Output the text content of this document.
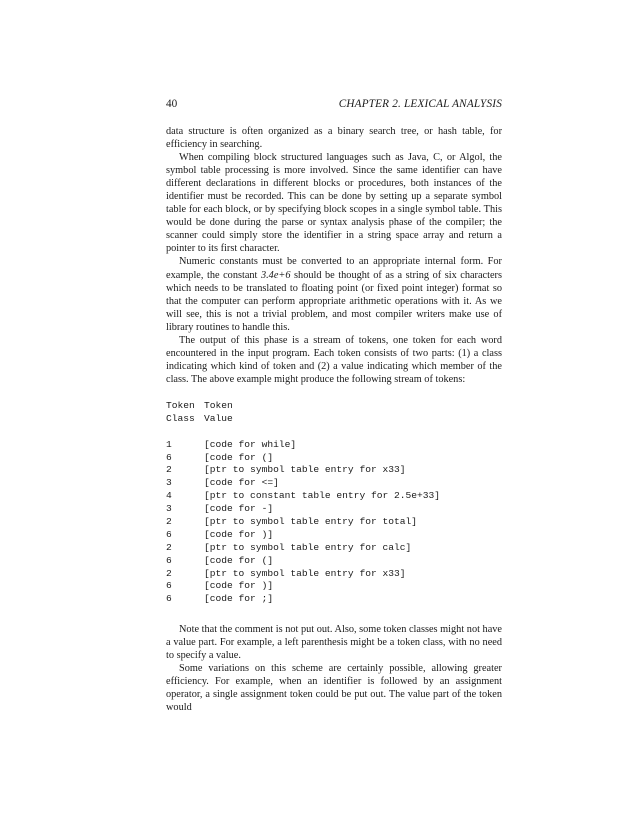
40	CHAPTER 2. LEXICAL ANALYSIS

data structure is often organized as a binary search tree, or hash table, for efficiency in searching.

When compiling block structured languages such as Java, C, or Algol, the symbol table processing is more involved. Since the same identifier can have different declarations in different blocks or procedures, both instances of the identifier must be recorded. This can be done by setting up a separate symbol table for each block, or by specifying block scopes in a single symbol table. This would be done during the parse or syntax analysis phase of the compiler; the scanner could simply store the identifier in a string space array and return a pointer to its first character.

Numeric constants must be converted to an appropriate internal form. For example, the constant 3.4e+6 should be thought of as a string of six characters which needs to be translated to floating point (or fixed point integer) format so that the computer can perform appropriate arithmetic operations with it. As we will see, this is not a trivial problem, and most compiler writers make use of library routines to handle this.

The output of this phase is a stream of tokens, one token for each word encountered in the input program. Each token consists of two parts: (1) a class indicating which kind of token and (2) a value indicating which member of the class. The above example might produce the following stream of tokens:

Token Token
Class Value
1	[code for while]
6	[code for (]
2	[ptr to symbol table entry for x33]
3	[code for <=]
4	[ptr to constant table entry for 2.5e+33]
3	[code for -]
2	[ptr to symbol table entry for total]
6	[code for )]
2	[ptr to symbol table entry for calc]
6	[code for (]
2	[ptr to symbol table entry for x33]
6	[code for )]
6	[code for ;]

Note that the comment is not put out. Also, some token classes might not have a value part. For example, a left parenthesis might be a token class, with no need to specify a value.

Some variations on this scheme are certainly possible, allowing greater efficiency. For example, when an identifier is followed by an assignment operator, a single assignment token could be put out. The value part of the token would
